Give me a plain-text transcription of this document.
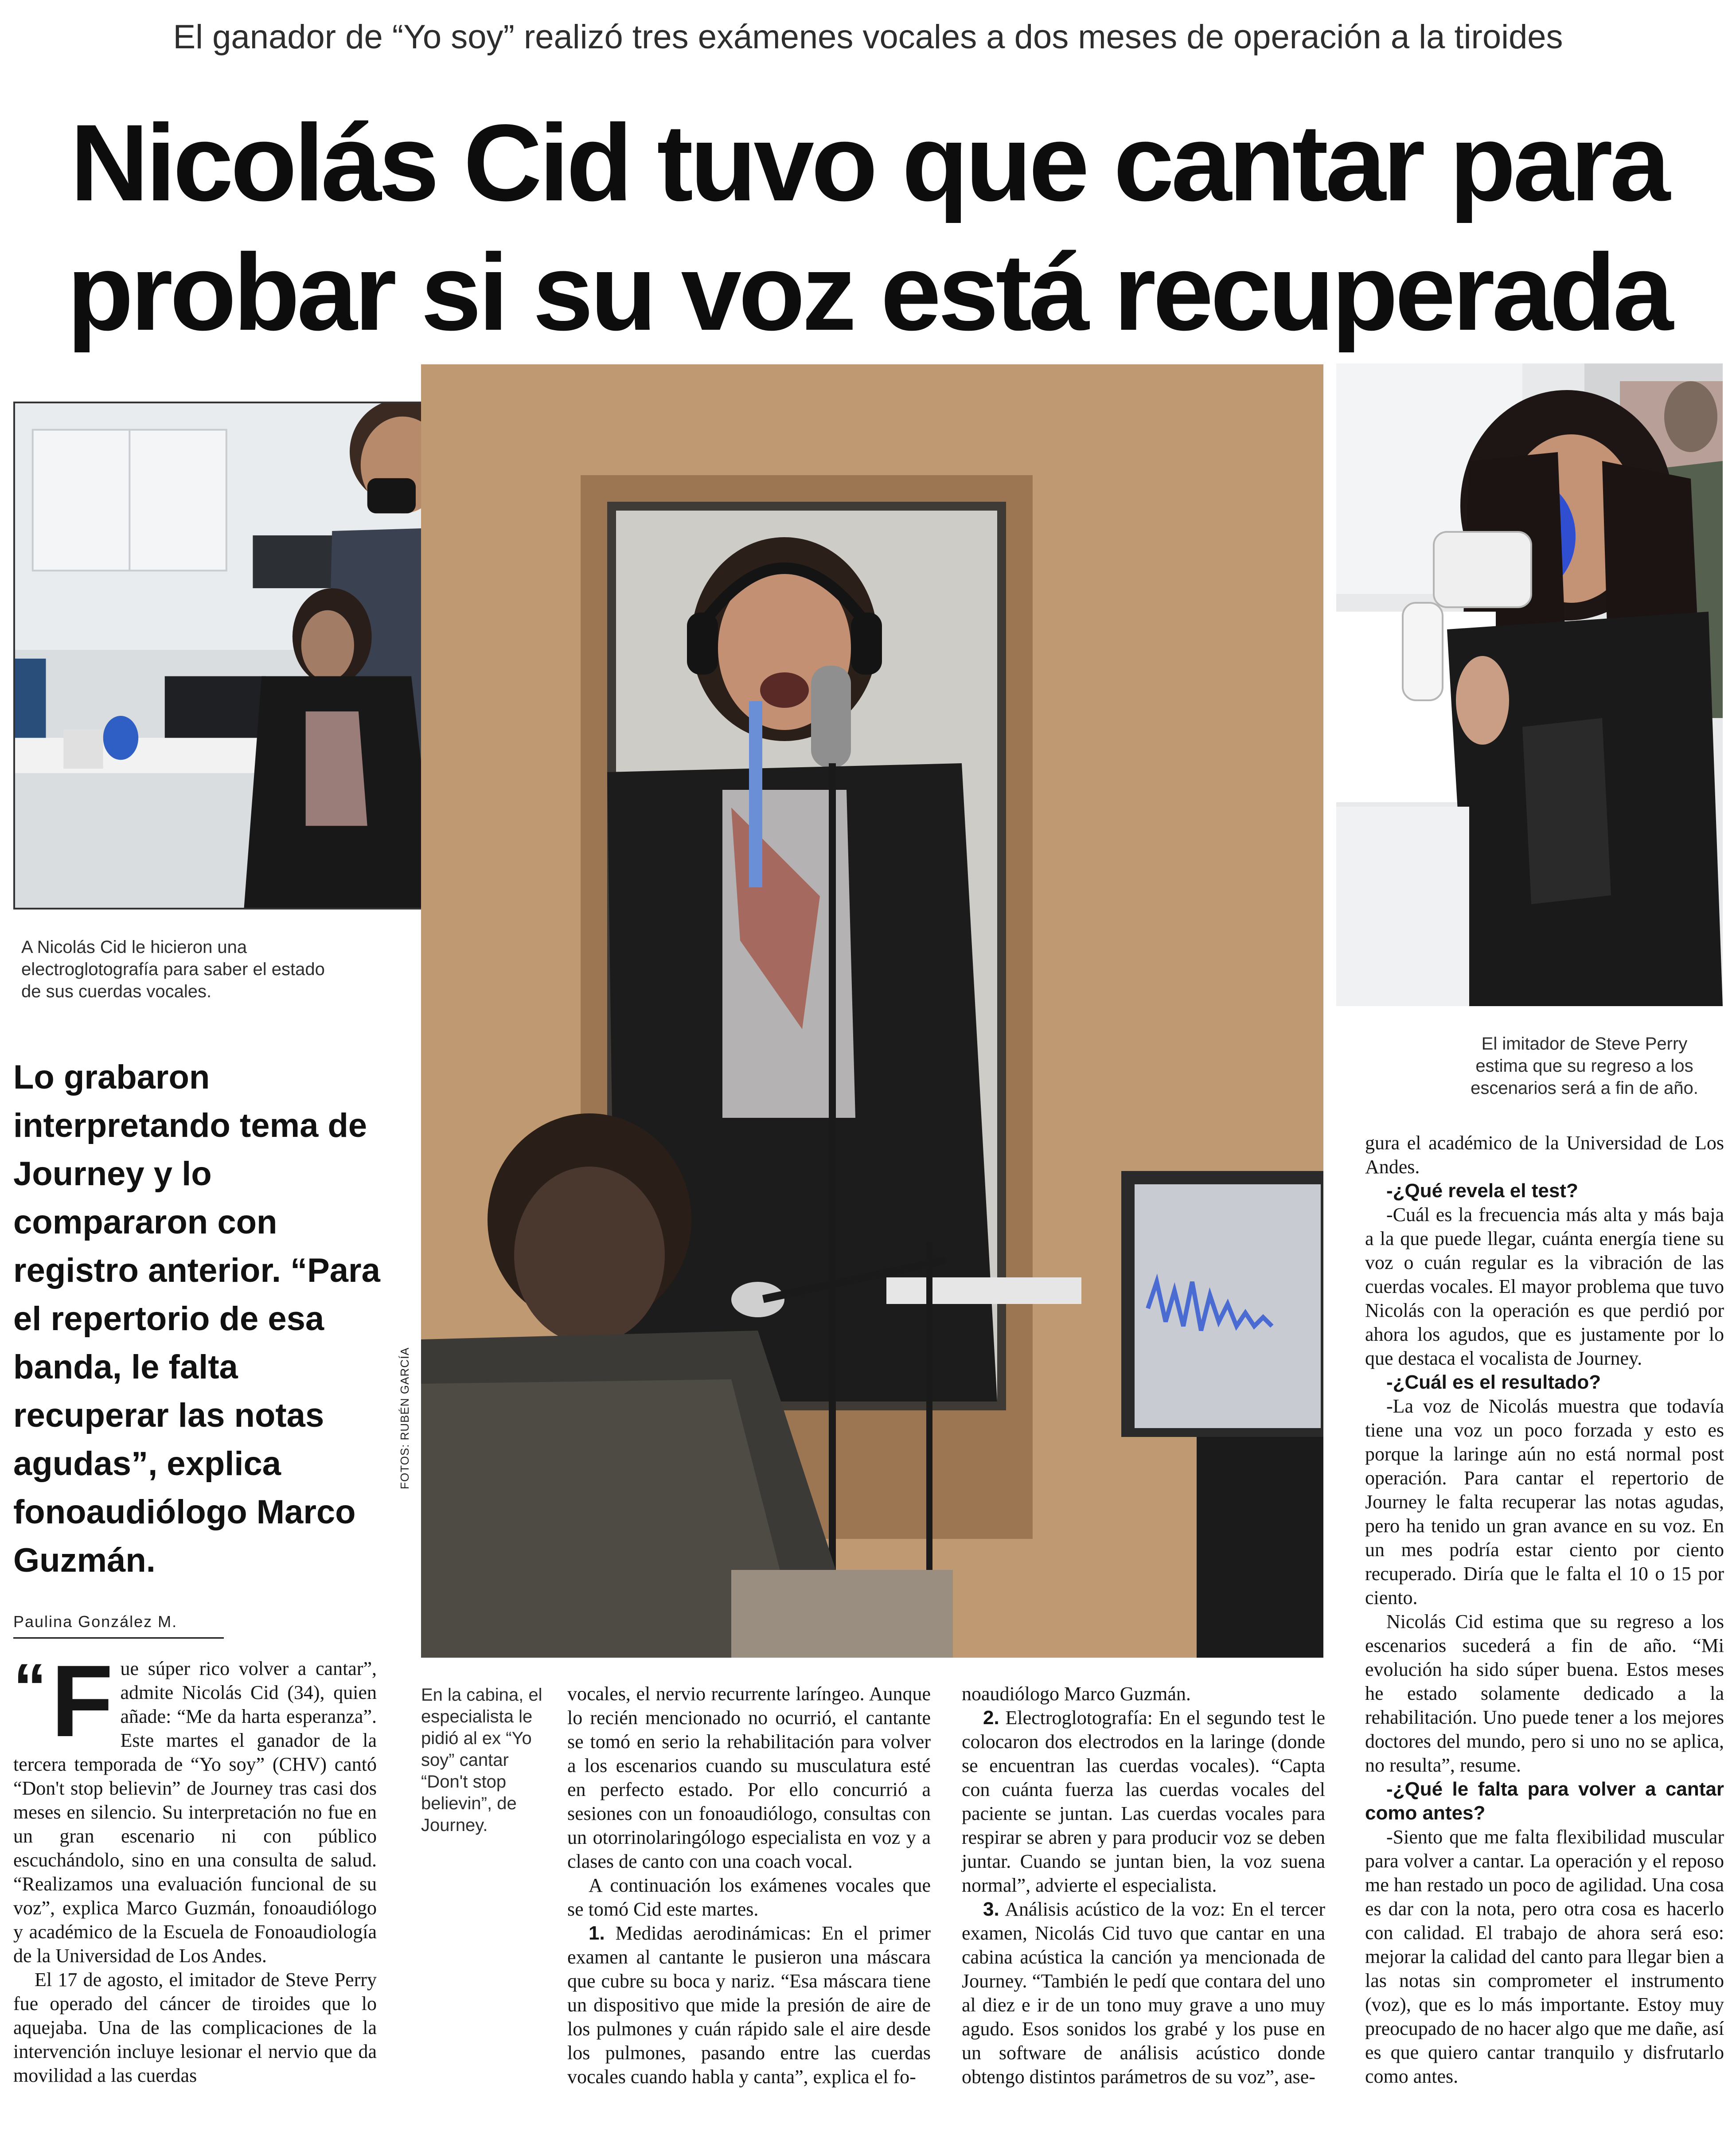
El ganador de “Yo soy” realizó tres exámenes vocales a dos meses de operación a la tiroides
Nicolás Cid tuvo que cantar para
probar si su voz está recuperada
A Nicolás Cid le hicieron una electroglotografía para saber el estado de sus cuerdas vocales.
FOTOS: RUBÉN GARCÍA
El imitador de Steve Perry estima que su regreso a los escenarios será a fin de año.
Lo grabaron interpretando tema de Journey y lo compararon con registro anterior. “Para el repertorio de esa banda, le falta recuperar las notas agudas”, explica fonoaudiólogo Marco Guzmán.
Paulina González M.

“ F ue súper rico volver a cantar”, admite Nicolás Cid (34), quien añade: “Me da harta esperanza”. Este martes el ganador de la tercera temporada de “Yo soy” (CHV) cantó “Don't stop believin” de Journey tras casi dos meses en silencio. Su interpretación no fue en un gran escenario ni con público escuchándolo, sino en una consulta de salud. “Realizamos una evaluación funcional de su voz”, explica Marco Guzmán, fonoaudiólogo y académico de la Escuela de Fonoaudiología de la Universidad de Los Andes.

El 17 de agosto, el imitador de Steve Perry fue operado del cáncer de tiroides que lo aquejaba. Una de las complicaciones de la intervención incluye lesionar el nervio que da movilidad a las cuerdas

En la cabina, el especialista le pidió al ex “Yo soy” cantar “Don't stop believin”, de Journey.

vocales, el nervio recurrente laríngeo. Aunque lo recién mencionado no ocurrió, el cantante se tomó en serio la rehabilitación para volver a los escenarios cuando su musculatura esté en perfecto estado. Por ello concurrió a sesiones con un fonoaudiólogo, consultas con un otorrinolaringólogo especialista en voz y a clases de canto con una coach vocal.

A continuación los exámenes vocales que se tomó Cid este martes.

1. Medidas aerodinámicas: En el primer examen al cantante le pusieron una máscara que cubre su boca y nariz. “Esa máscara tiene un dispositivo que mide la presión de aire de los pulmones y cuán rápido sale el aire desde los pulmones, pasando entre las cuerdas vocales cuando habla y canta”, explica el fo-

noaudiólogo Marco Guzmán.

2. Electroglotografía: En el segundo test le colocaron dos electrodos en la laringe (donde se encuentran las cuerdas vocales). “Capta con cuánta fuerza las cuerdas vocales del paciente se juntan. Las cuerdas vocales para respirar se abren y para producir voz se deben juntar. Cuando se juntan bien, la voz suena normal”, advierte el especialista.

3. Análisis acústico de la voz: En el tercer examen, Nicolás Cid tuvo que cantar en una cabina acústica la canción ya mencionada de Journey. “También le pedí que contara del uno al diez e ir de un tono muy grave a uno muy agudo. Esos sonidos los grabé y los puse en un software de análisis acústico donde obtengo distintos parámetros de su voz”, ase-

gura el académico de la Universidad de Los Andes.

-¿Qué revela el test?

-Cuál es la frecuencia más alta y más baja a la que puede llegar, cuánta energía tiene su voz o cuán regular es la vibración de las cuerdas vocales. El mayor problema que tuvo Nicolás con la operación es que perdió por ahora los agudos, que es justamente por lo que destaca el vocalista de Journey.

-¿Cuál es el resultado?

-La voz de Nicolás muestra que todavía tiene una voz un poco forzada y esto es porque la laringe aún no está normal post operación. Para cantar el repertorio de Journey le falta recuperar las notas agudas, pero ha tenido un gran avance en su voz. En un mes podría estar ciento por ciento recuperado. Diría que le falta el 10 o 15 por ciento.

Nicolás Cid estima que su regreso a los escenarios sucederá a fin de año. “Mi evolución ha sido súper buena. Estos meses he estado solamente dedicado a la rehabilitación. Uno puede tener a los mejores doctores del mundo, pero si uno no se aplica, no resulta”, resume.

-¿Qué le falta para volver a cantar como antes?

-Siento que me falta flexibilidad muscular para volver a cantar. La operación y el reposo me han restado un poco de agilidad. Una cosa es dar con la nota, pero otra cosa es hacerlo con calidad. El trabajo de ahora será eso: mejorar la calidad del canto para llegar bien a las notas sin comprometer el instrumento (voz), que es lo más importante. Estoy muy preocupado de no hacer algo que me dañe, así es que quiero cantar tranquilo y disfrutarlo como antes.
